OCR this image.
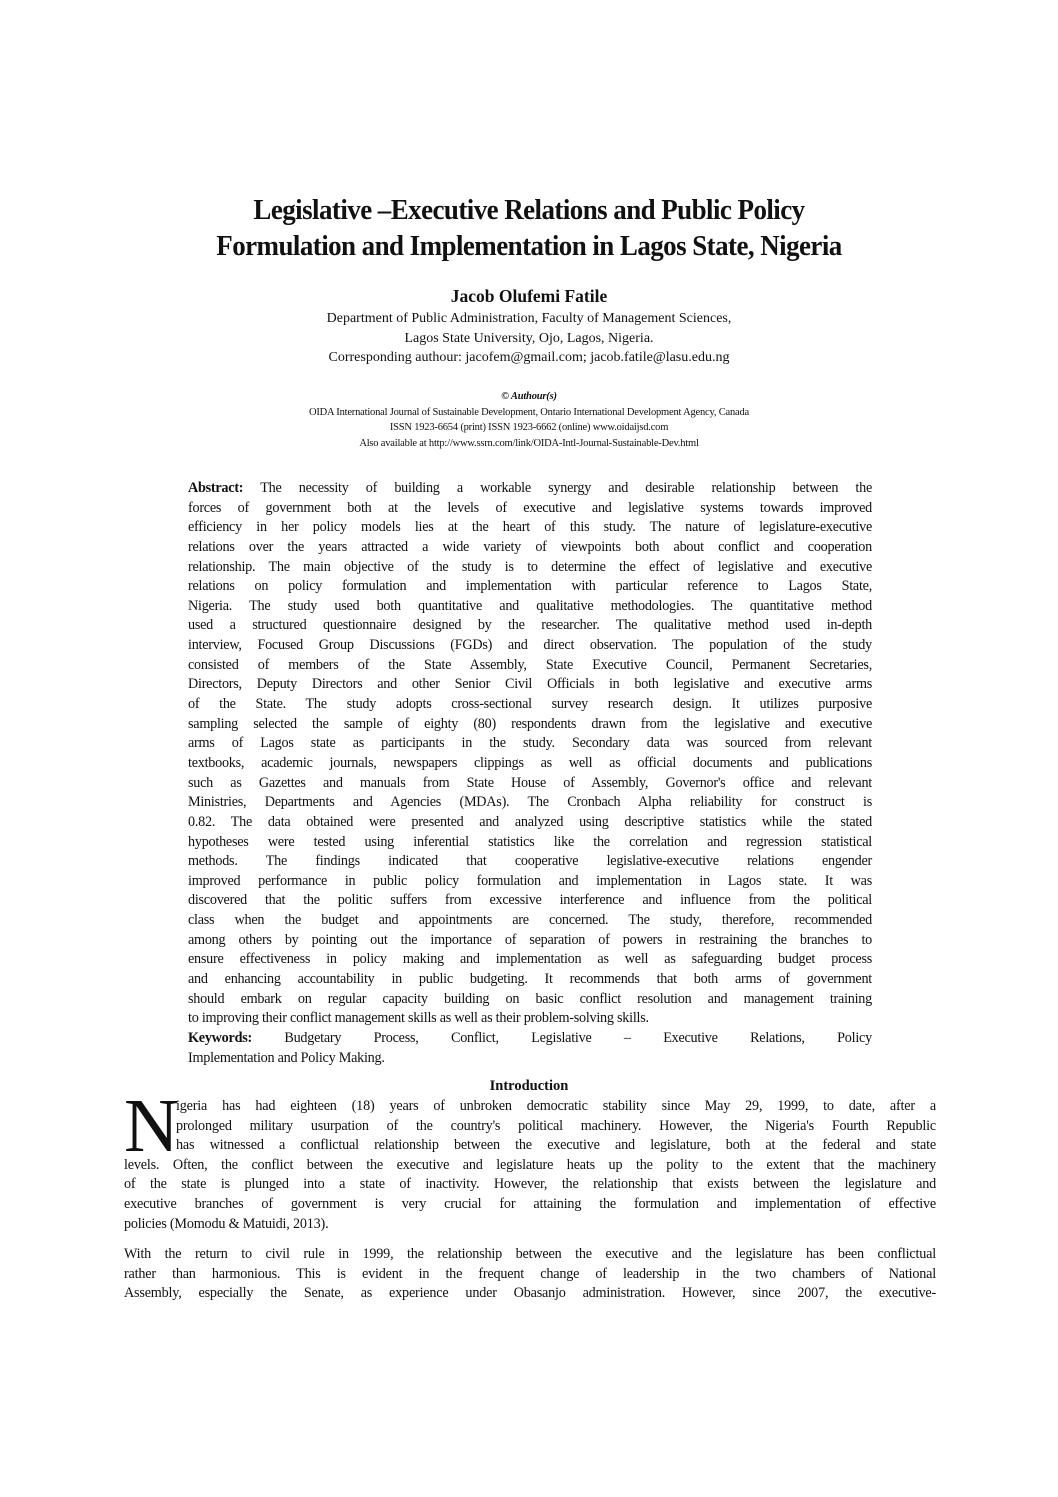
Legislative –Executive Relations and Public Policy
Formulation and Implementation in Lagos State, Nigeria
Jacob Olufemi Fatile
Department of Public Administration, Faculty of Management Sciences,
Lagos State University, Ojo, Lagos, Nigeria.
Corresponding authour: jacofem@gmail.com; jacob.fatile@lasu.edu.ng
© Authour(s)
OIDA International Journal of Sustainable Development, Ontario International Development Agency, Canada
ISSN 1923-6654 (print) ISSN 1923-6662 (online) www.oidaijsd.com
Also available at http://www.ssrn.com/link/OIDA-Intl-Journal-Sustainable-Dev.html
Abstract: The necessity of building a workable synergy and desirable relationship between the
forces of government both at the levels of executive and legislative systems towards improved
efficiency in her policy models lies at the heart of this study. The nature of legislature-executive
relations over the years attracted a wide variety of viewpoints both about conflict and cooperation
relationship. The main objective of the study is to determine the effect of legislative and executive
relations on policy formulation and implementation with particular reference to Lagos State,
Nigeria. The study used both quantitative and qualitative methodologies. The quantitative method
used a structured questionnaire designed by the researcher. The qualitative method used in-depth
interview, Focused Group Discussions (FGDs) and direct observation. The population of the study
consisted of members of the State Assembly, State Executive Council, Permanent Secretaries,
Directors, Deputy Directors and other Senior Civil Officials in both legislative and executive arms
of the State. The study adopts cross-sectional survey research design. It utilizes purposive
sampling selected the sample of eighty (80) respondents drawn from the legislative and executive
arms of Lagos state as participants in the study. Secondary data was sourced from relevant
textbooks, academic journals, newspapers clippings as well as official documents and publications
such as Gazettes and manuals from State House of Assembly, Governor's office and relevant
Ministries, Departments and Agencies (MDAs). The Cronbach Alpha reliability for construct is
0.82. The data obtained were presented and analyzed using descriptive statistics while the stated
hypotheses were tested using inferential statistics like the correlation and regression statistical
methods. The findings indicated that cooperative legislative-executive relations engender
improved performance in public policy formulation and implementation in Lagos state. It was
discovered that the politic suffers from excessive interference and influence from the political
class when the budget and appointments are concerned. The study, therefore, recommended
among others by pointing out the importance of separation of powers in restraining the branches to
ensure effectiveness in policy making and implementation as well as safeguarding budget process
and enhancing accountability in public budgeting. It recommends that both arms of government
should embark on regular capacity building on basic conflict resolution and management training
to improving their conflict management skills as well as their problem-solving skills.
Keywords: Budgetary Process, Conflict, Legislative – Executive Relations, Policy
Implementation and Policy Making.
Introduction
N
igeria has had eighteen (18) years of unbroken democratic stability since May 29, 1999, to date, after a
prolonged military usurpation of the country's political machinery. However, the Nigeria's Fourth Republic
has witnessed a conflictual relationship between the executive and legislature, both at the federal and state
levels. Often, the conflict between the executive and legislature heats up the polity to the extent that the machinery
of the state is plunged into a state of inactivity. However, the relationship that exists between the legislature and
executive branches of government is very crucial for attaining the formulation and implementation of effective
policies (Momodu & Matuidi, 2013).
With the return to civil rule in 1999, the relationship between the executive and the legislature has been conflictual
rather than harmonious. This is evident in the frequent change of leadership in the two chambers of National
Assembly, especially the Senate, as experience under Obasanjo administration. However, since 2007, the executive-
